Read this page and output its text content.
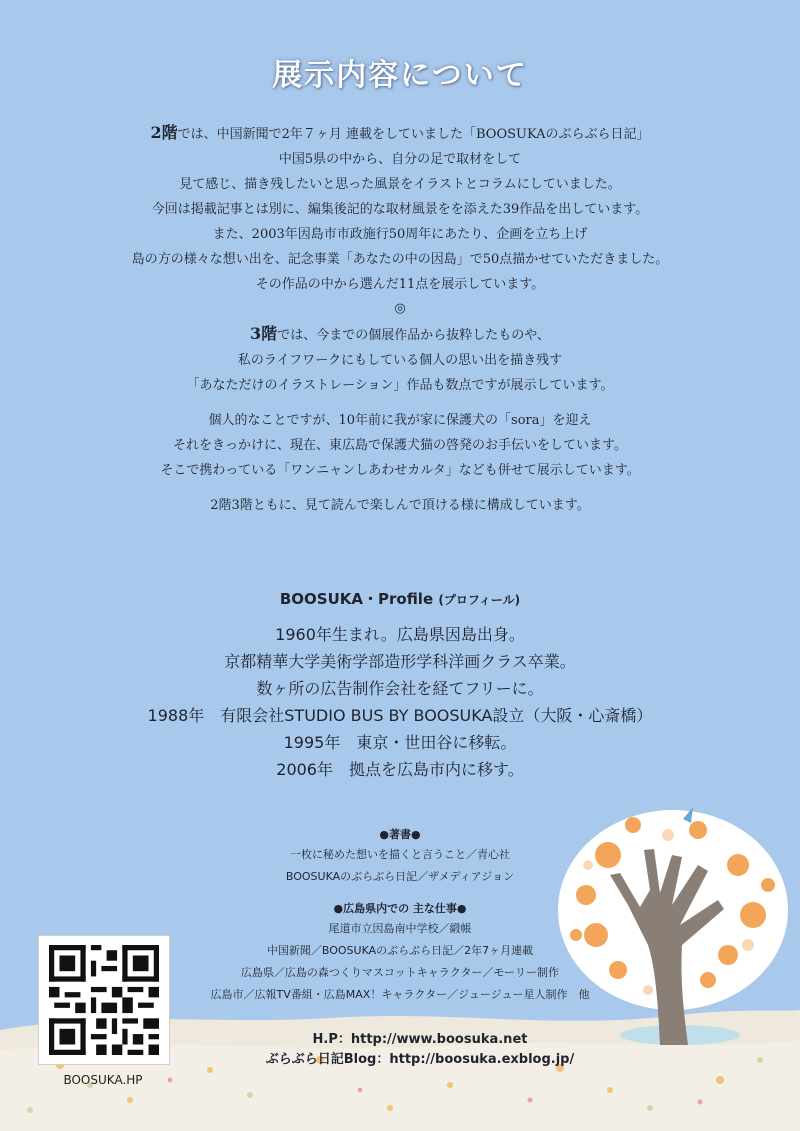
展示内容について
2階では、中国新聞で2年７ヶ月 連載をしていました「BOOSUKAのぶらぶら日記」
中国5県の中から、自分の足で取材をして
見て感じ、描き残したいと思った風景をイラストとコラムにしていました。
今回は掲載記事とは別に、編集後記的な取材風景をを添えた39作品を出しています。
また、2003年因島市市政施行50周年にあたり、企画を立ち上げ
島の方の様々な想い出を、記念事業「あなたの中の因島」で50点描かせていただきました。
その作品の中から選んだ11点を展示しています。
◎
3階では、今までの個展作品から抜粋したものや、
私のライフワークにもしている個人の思い出を描き残す
「あなただけのイラストレーション」作品も数点ですが展示しています。
個人的なことですが、10年前に我が家に保護犬の「sora」を迎え
それをきっかけに、現在、東広島で保護犬猫の啓発のお手伝いをしています。
そこで携わっている「ワンニャンしあわせカルタ」なども併せて展示しています。
2階3階ともに、見て読んで楽しんで頂ける様に構成しています。
BOOSUKA・Profile (プロフィール)
1960年生まれ。広島県因島出身。
京都精華大学美術学部造形学科洋画クラス卒業。
数ヶ所の広告制作会社を経てフリーに。
1988年　有限会社STUDIO BUS BY BOOSUKA設立（大阪・心斎橋）
1995年　東京・世田谷に移転。
2006年　拠点を広島市内に移す。
●著書●
一枚に秘めた想いを描くと言うこと／青心社
BOOSUKAのぶらぶら日記／ザメディアジョン
●広島県内での 主な仕事●
尾道市立因島南中学校／緞帳
中国新聞／BOOSUKAのぶらぶら日記／2年7ヶ月連載
広島県／広島の森つくりマスコットキャラクター／モーリー制作
広島市／広報TV番組・広島MAX！キャラクター／ジュージュー星人制作　他
H.P：http://www.boosuka.net
ぶらぶら日記Blog：http://boosuka.exblog.jp/
BOOSUKA.HP
